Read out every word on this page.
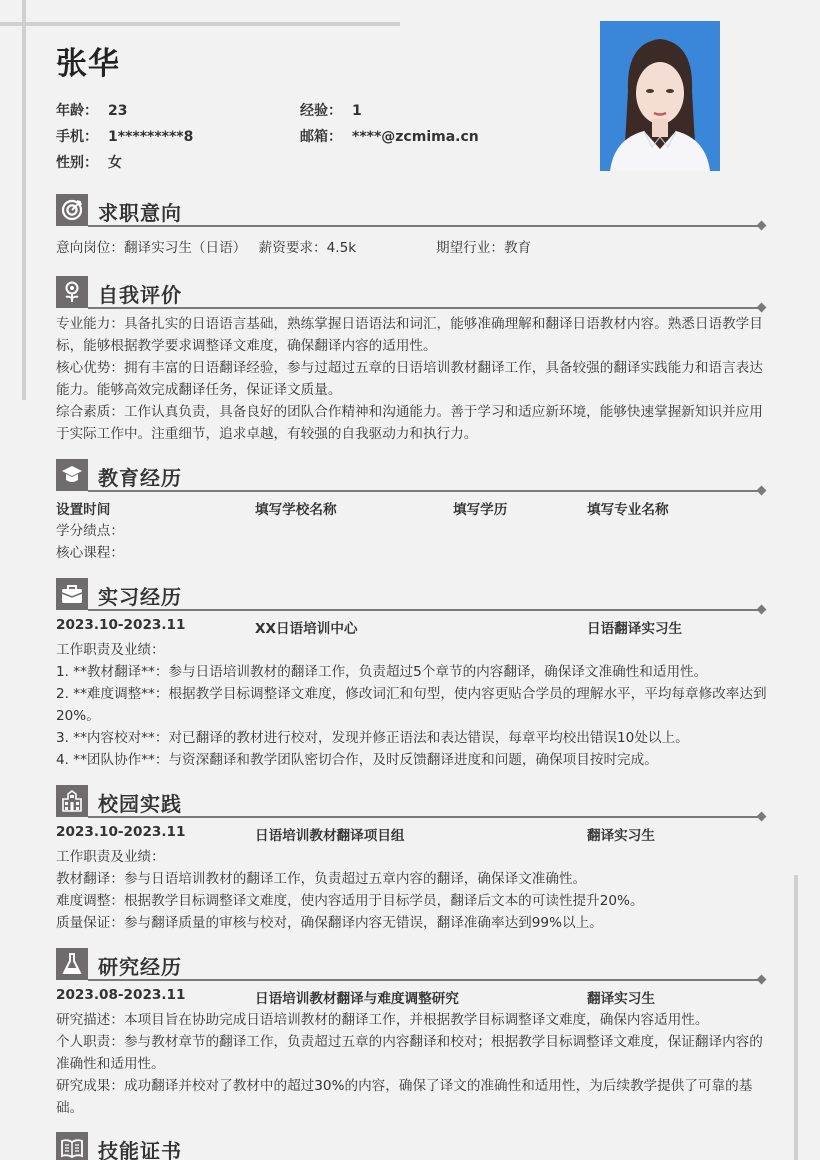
张华
年龄： 23	经验： 1
手机： 1*********8	邮箱： ****@zcmima.cn
性别： 女
求职意向
意向岗位：翻译实习生（日语） 薪资要求：4.5k	期望行业：教育
自我评价
专业能力：具备扎实的日语语言基础，熟练掌握日语语法和词汇，能够准确理解和翻译日语教材内容。熟悉日语教学目标，能够根据教学要求调整译文难度，确保翻译内容的适用性。
核心优势：拥有丰富的日语翻译经验，参与过超过五章的日语培训教材翻译工作，具备较强的翻译实践能力和语言表达能力。能够高效完成翻译任务，保证译文质量。
综合素质：工作认真负责，具备良好的团队合作精神和沟通能力。善于学习和适应新环境，能够快速掌握新知识并应用于实际工作中。注重细节，追求卓越，有较强的自我驱动力和执行力。
教育经历
设置时间	填写学校名称	填写学历	填写专业名称
学分绩点：
核心课程：
实习经历
2023.10-2023.11	XX日语培训中心	日语翻译实习生
工作职责及业绩：
1. **教材翻译**：参与日语培训教材的翻译工作，负责超过5个章节的内容翻译，确保译文准确性和适用性。
2. **难度调整**：根据教学目标调整译文难度，修改词汇和句型，使内容更贴合学员的理解水平，平均每章修改率达到20%。
3. **内容校对**：对已翻译的教材进行校对，发现并修正语法和表达错误，每章平均校出错误10处以上。
4. **团队协作**：与资深翻译和教学团队密切合作，及时反馈翻译进度和问题，确保项目按时完成。
校园实践
2023.10-2023.11	日语培训教材翻译项目组	翻译实习生
工作职责及业绩：
教材翻译：参与日语培训教材的翻译工作，负责超过五章内容的翻译，确保译文准确性。
难度调整：根据教学目标调整译文难度，使内容适用于目标学员，翻译后文本的可读性提升20%。
质量保证：参与翻译质量的审核与校对，确保翻译内容无错误，翻译准确率达到99%以上。
研究经历
2023.08-2023.11	日语培训教材翻译与难度调整研究	翻译实习生
研究描述：本项目旨在协助完成日语培训教材的翻译工作，并根据教学目标调整译文难度，确保内容适用性。
个人职责：参与教材章节的翻译工作，负责超过五章的内容翻译和校对；根据教学目标调整译文难度，保证翻译内容的准确性和适用性。
研究成果：成功翻译并校对了教材中的超过30%的内容，确保了译文的准确性和适用性，为后续教学提供了可靠的基础。
技能证书
